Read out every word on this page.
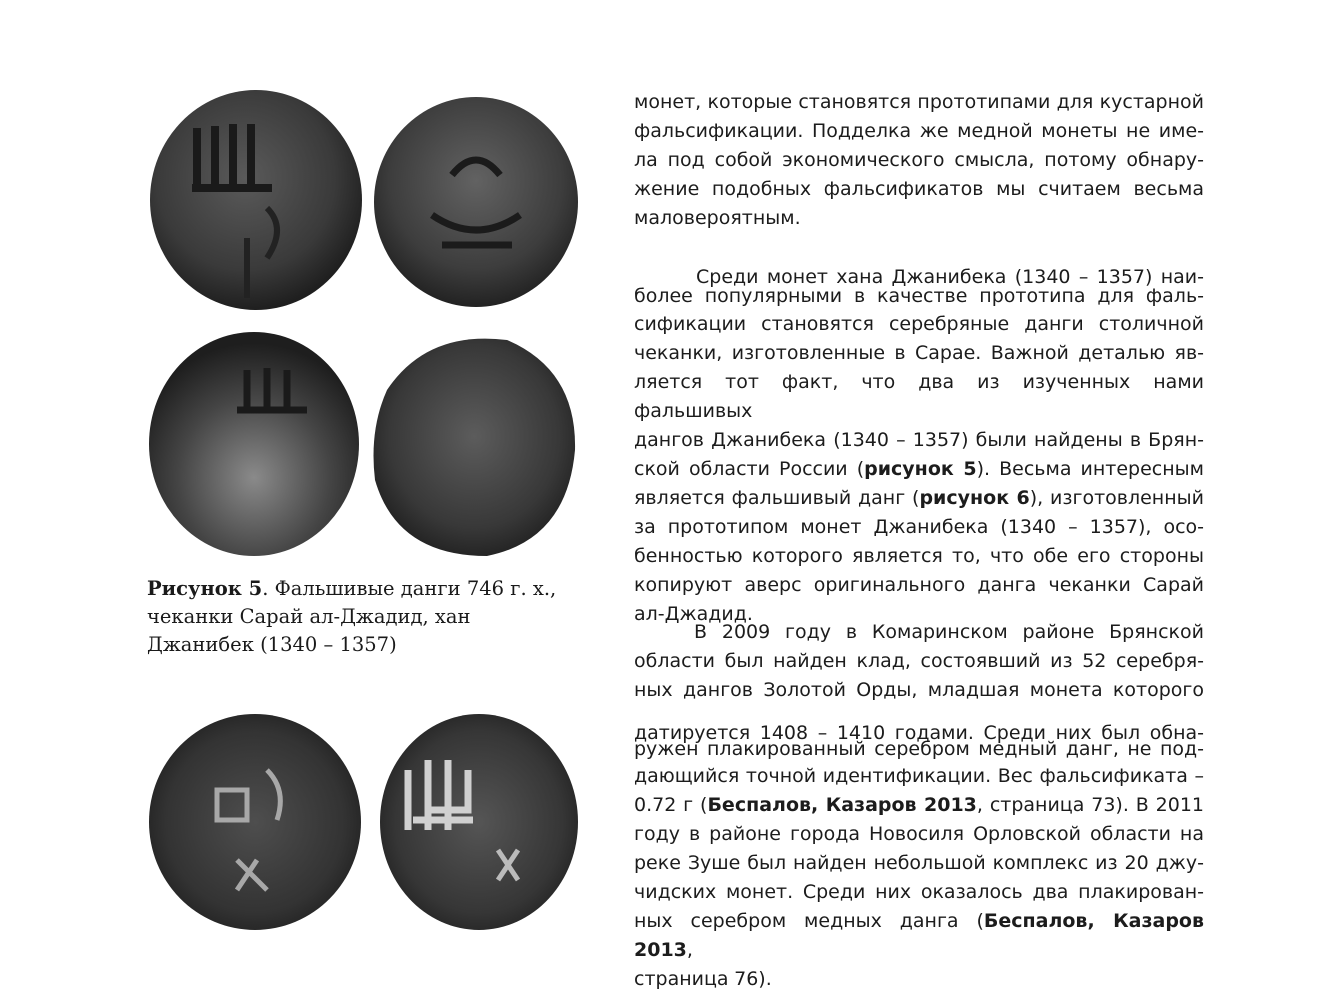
Рисунок 5. Фальшивые данги 746 г. х., чеканки Сарай ал-Джадид, хан Джанибек (1340 – 1357)
монет, которые становятся прототипами для кустарной
фальсификации. Подделка же медной монеты не име-
ла под собой экономического смысла, потому обнару-
жение подобных фальсификатов мы считаем весьма
маловероятным.
Среди монет хана Джанибека (1340 – 1357) наи-
более популярными в качестве прототипа для фаль-
сификации становятся серебряные данги столичной
чеканки, изготовленные в Сарае. Важной деталью яв-
ляется тот факт, что два из изученных нами фальшивых
дангов Джанибека (1340 – 1357) были найдены в Брян-
ской области России (рисунок 5). Весьма интересным
является фальшивый данг (рисунок 6), изготовленный
за прототипом монет Джанибека (1340 – 1357), осо-
бенностью которого является то, что обе его стороны
копируют аверс оригинального данга чеканки Сарай
ал-Джадид.
В 2009 году в Комаринском районе Брянской
области был найден клад, состоявший из 52 серебря-
ных дангов Золотой Орды, младшая монета которого
датируется 1408 – 1410 годами. Среди них был обна-
ружен плакированный серебром медный данг, не под-
дающийся точной идентификации. Вес фальсификата –
0.72 г (Беспалов, Казаров 2013, страница 73). В 2011
году в районе города Новосиля Орловской области на
реке Зуше был найден небольшой комплекс из 20 джу-
чидских монет. Среди них оказалось два плакирован-
ных серебром медных данга (Беспалов, Казаров 2013,
страница 76).
